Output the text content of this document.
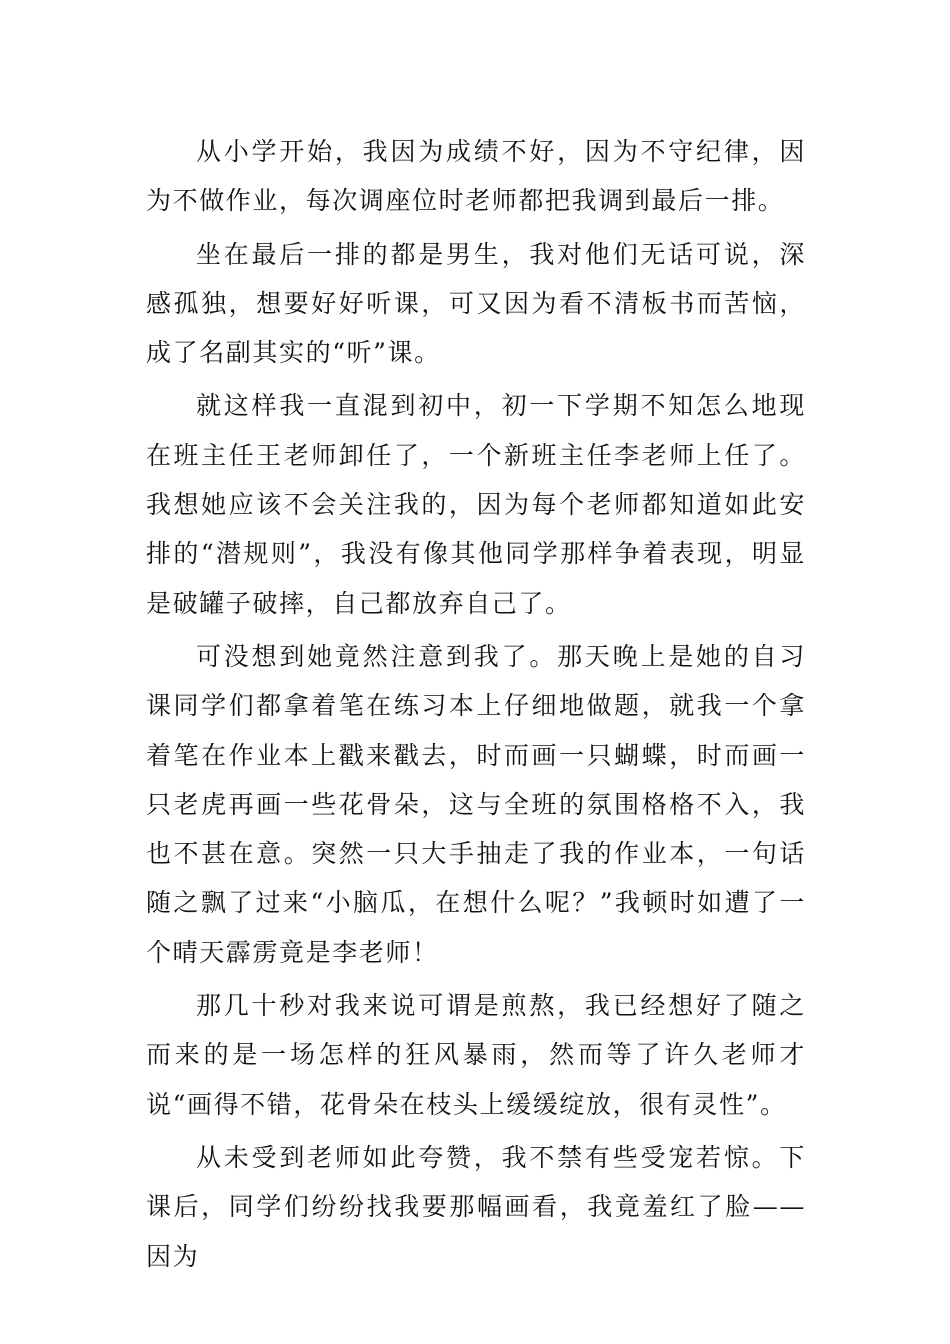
从小学开始，我因为成绩不好，因为不守纪律，因为不做作业，每次调座位时老师都把我调到最后一排。

坐在最后一排的都是男生，我对他们无话可说，深感孤独，想要好好听课，可又因为看不清板书而苦恼，成了名副其实的“听”课。

就这样我一直混到初中，初一下学期不知怎么地现在班主任王老师卸任了，一个新班主任李老师上任了。我想她应该不会关注我的，因为每个老师都知道如此安排的“潜规则”，我没有像其他同学那样争着表现，明显是破罐子破摔，自己都放弃自己了。

可没想到她竟然注意到我了。那天晚上是她的自习课同学们都拿着笔在练习本上仔细地做题，就我一个拿着笔在作业本上戳来戳去，时而画一只蝴蝶，时而画一只老虎再画一些花骨朵，这与全班的氛围格格不入，我也不甚在意。突然一只大手抽走了我的作业本，一句话随之飘了过来“小脑瓜，在想什么呢？”我顿时如遭了一个晴天霹雳竟是李老师！

那几十秒对我来说可谓是煎熬，我已经想好了随之而来的是一场怎样的狂风暴雨，然而等了许久老师才说“画得不错，花骨朵在枝头上缓缓绽放，很有灵性”。

从未受到老师如此夸赞，我不禁有些受宠若惊。下课后，同学们纷纷找我要那幅画看，我竟羞红了脸——因为
